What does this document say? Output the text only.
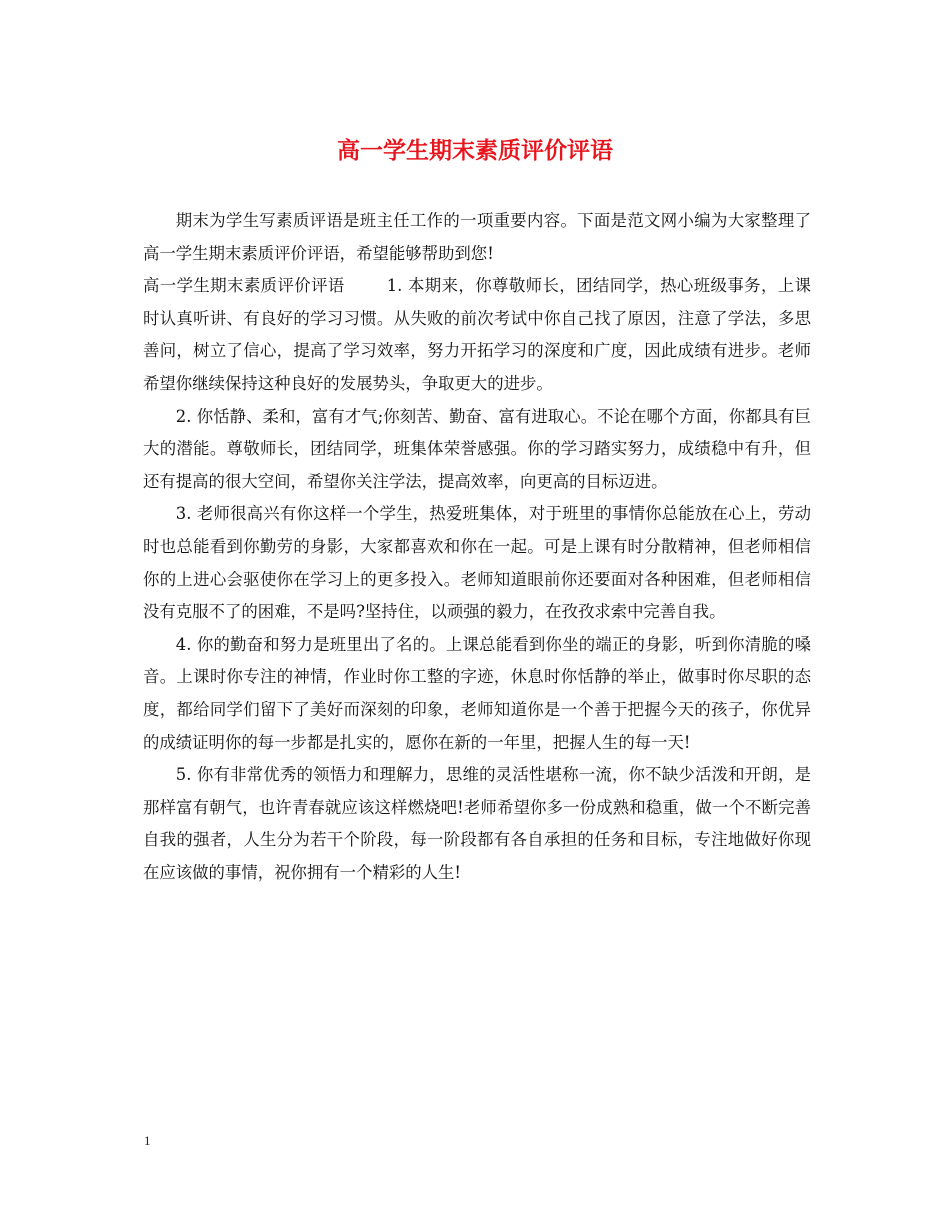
高一学生期末素质评价评语

期末为学生写素质评语是班主任工作的一项重要内容。下面是范文网小编为大家整理了高一学生期末素质评价评语，希望能够帮助到您!

高一学生期末素质评价评语	1. 本期来，你尊敬师长，团结同学，热心班级事务，上课时认真听讲、有良好的学习习惯。从失败的前次考试中你自己找了原因，注意了学法，多思善问，树立了信心，提高了学习效率，努力开拓学习的深度和广度，因此成绩有进步。老师希望你继续保持这种良好的发展势头，争取更大的进步。

2. 你恬静、柔和，富有才气;你刻苦、勤奋、富有进取心。不论在哪个方面，你都具有巨大的潜能。尊敬师长，团结同学，班集体荣誉感强。你的学习踏实努力，成绩稳中有升，但还有提高的很大空间，希望你关注学法，提高效率，向更高的目标迈进。

3. 老师很高兴有你这样一个学生，热爱班集体，对于班里的事情你总能放在心上，劳动时也总能看到你勤劳的身影，大家都喜欢和你在一起。可是上课有时分散精神，但老师相信你的上进心会驱使你在学习上的更多投入。老师知道眼前你还要面对各种困难，但老师相信没有克服不了的困难，不是吗?坚持住，以顽强的毅力，在孜孜求索中完善自我。

4. 你的勤奋和努力是班里出了名的。上课总能看到你坐的端正的身影，听到你清脆的嗓音。上课时你专注的神情，作业时你工整的字迹，休息时你恬静的举止，做事时你尽职的态度，都给同学们留下了美好而深刻的印象，老师知道你是一个善于把握今天的孩子，你优异的成绩证明你的每一步都是扎实的，愿你在新的一年里，把握人生的每一天!

5. 你有非常优秀的领悟力和理解力，思维的灵活性堪称一流，你不缺少活泼和开朗，是那样富有朝气，也许青春就应该这样燃烧吧!老师希望你多一份成熟和稳重，做一个不断完善自我的强者，人生分为若干个阶段，每一阶段都有各自承担的任务和目标，专注地做好你现在应该做的事情，祝你拥有一个精彩的人生!

1
